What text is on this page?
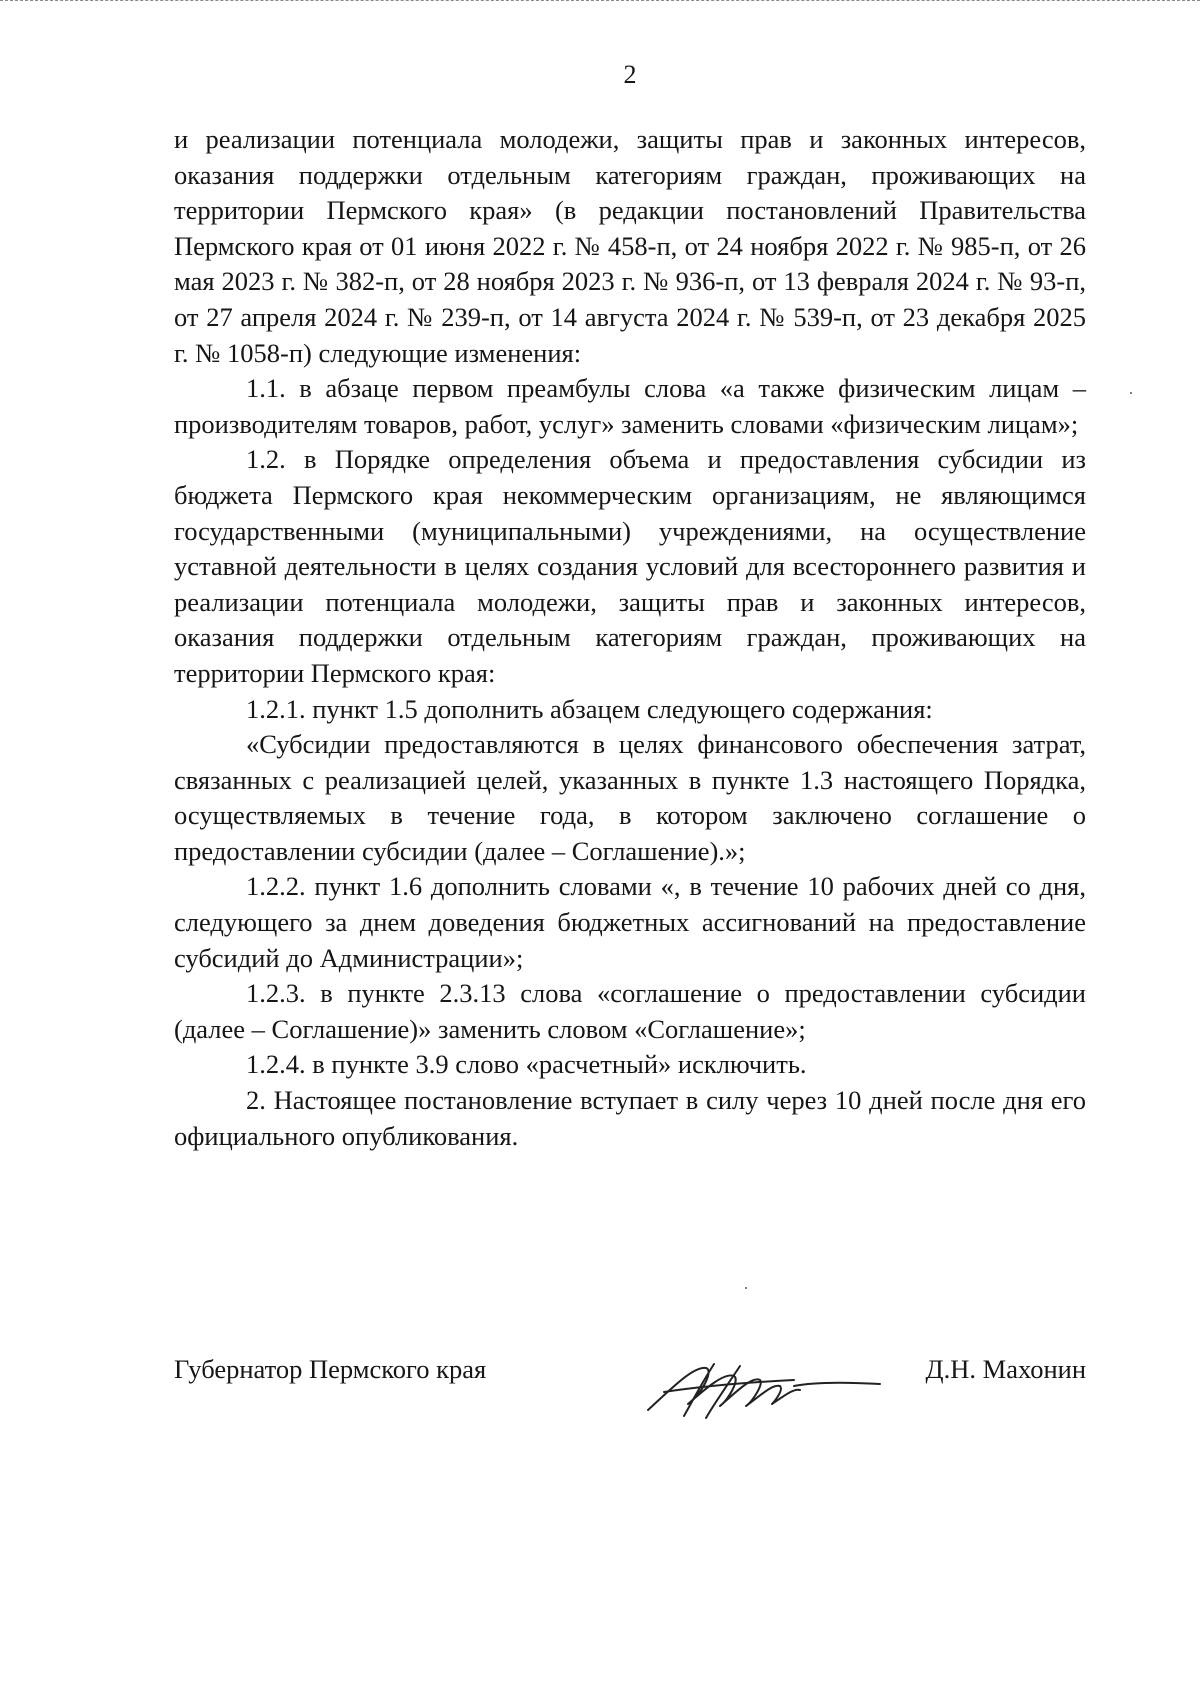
2

и реализации потенциала молодежи, защиты прав и законных интересов, оказания поддержки отдельным категориям граждан, проживающих на территории Пермского края» (в редакции постановлений Правительства Пермского края от 01 июня 2022 г. № 458-п, от 24 ноября 2022 г. № 985-п, от 26 мая 2023 г. № 382-п, от 28 ноября 2023 г. № 936-п, от 13 февраля 2024 г. № 93-п, от 27 апреля 2024 г. № 239-п, от 14 августа 2024 г. № 539-п, от 23 декабря 2025 г. № 1058-п) следующие изменения:

1.1. в абзаце первом преамбулы слова «а также физическим лицам – производителям товаров, работ, услуг» заменить словами «физическим лицам»;

1.2. в Порядке определения объема и предоставления субсидии из бюджета Пермского края некоммерческим организациям, не являющимся государственными (муниципальными) учреждениями, на осуществление уставной деятельности в целях создания условий для всестороннего развития и реализации потенциала молодежи, защиты прав и законных интересов, оказания поддержки отдельным категориям граждан, проживающих на территории Пермского края:

1.2.1. пункт 1.5 дополнить абзацем следующего содержания:

«Субсидии предоставляются в целях финансового обеспечения затрат, связанных с реализацией целей, указанных в пункте 1.3 настоящего Порядка, осуществляемых в течение года, в котором заключено соглашение о предоставлении субсидии (далее – Соглашение).»;

1.2.2. пункт 1.6 дополнить словами «, в течение 10 рабочих дней со дня, следующего за днем доведения бюджетных ассигнований на предоставление субсидий до Администрации»;

1.2.3. в пункте 2.3.13 слова «соглашение о предоставлении субсидии (далее – Соглашение)» заменить словом «Соглашение»;

1.2.4. в пункте 3.9 слово «расчетный» исключить.

2. Настоящее постановление вступает в силу через 10 дней после дня его официального опубликования.

Губернатор Пермского края	Д.Н. Махонин
